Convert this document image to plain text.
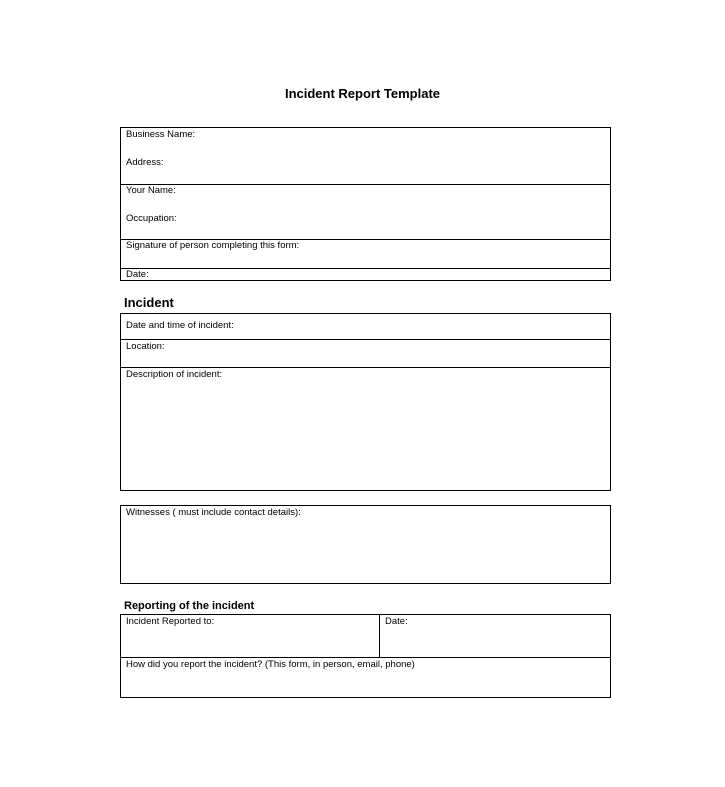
Incident Report Template
Business Name:
Address:
Your Name:
Occupation:
Signature of person completing this form:
Date:
Incident
Date and time of incident:
Location:
Description of incident:
Witnesses ( must include contact details):
Reporting of the incident
Incident Reported to:	Date:
How did you report the incident? (This form, in person, email, phone)
